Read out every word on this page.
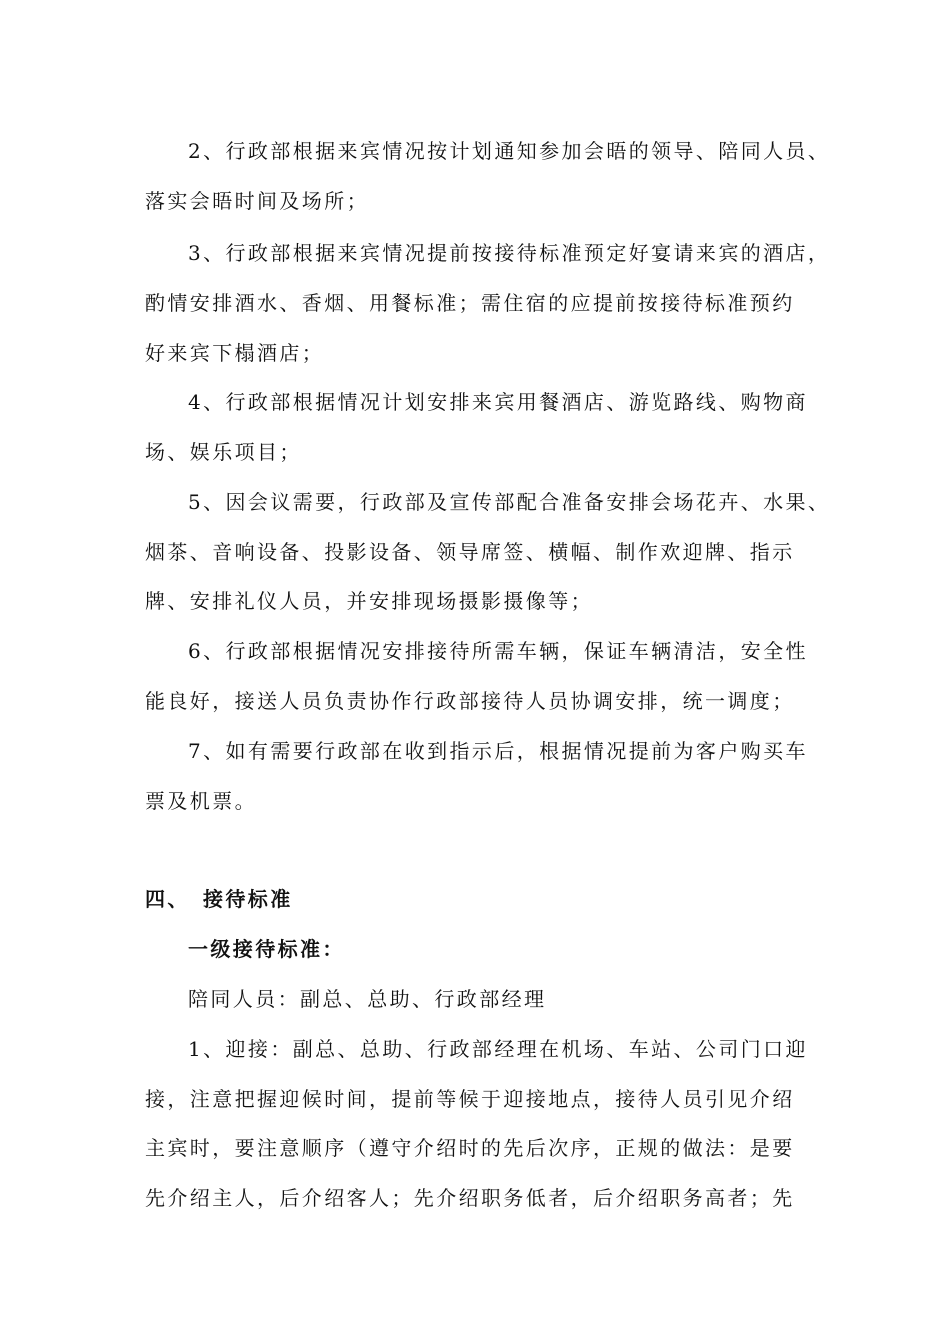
2、行政部根据来宾情况按计划通知参加会晤的领导、陪同人员、
落实会晤时间及场所；
3、行政部根据来宾情况提前按接待标准预定好宴请来宾的酒店，
酌情安排酒水、香烟、用餐标准；需住宿的应提前按接待标准预约
好来宾下榻酒店；
4、行政部根据情况计划安排来宾用餐酒店、游览路线、购物商
场、娱乐项目；
5、因会议需要，行政部及宣传部配合准备安排会场花卉、水果、
烟茶、音响设备、投影设备、领导席签、横幅、制作欢迎牌、指示
牌、安排礼仪人员，并安排现场摄影摄像等；
6、行政部根据情况安排接待所需车辆，保证车辆清洁，安全性
能良好，接送人员负责协作行政部接待人员协调安排，统一调度；
7、如有需要行政部在收到指示后，根据情况提前为客户购买车
票及机票。
四、 接待标准
一级接待标准：
陪同人员：副总、总助、行政部经理
1、迎接：副总、总助、行政部经理在机场、车站、公司门口迎
接，注意把握迎候时间，提前等候于迎接地点，接待人员引见介绍
主宾时，要注意顺序（遵守介绍时的先后次序，正规的做法：是要
先介绍主人，后介绍客人；先介绍职务低者，后介绍职务高者；先
